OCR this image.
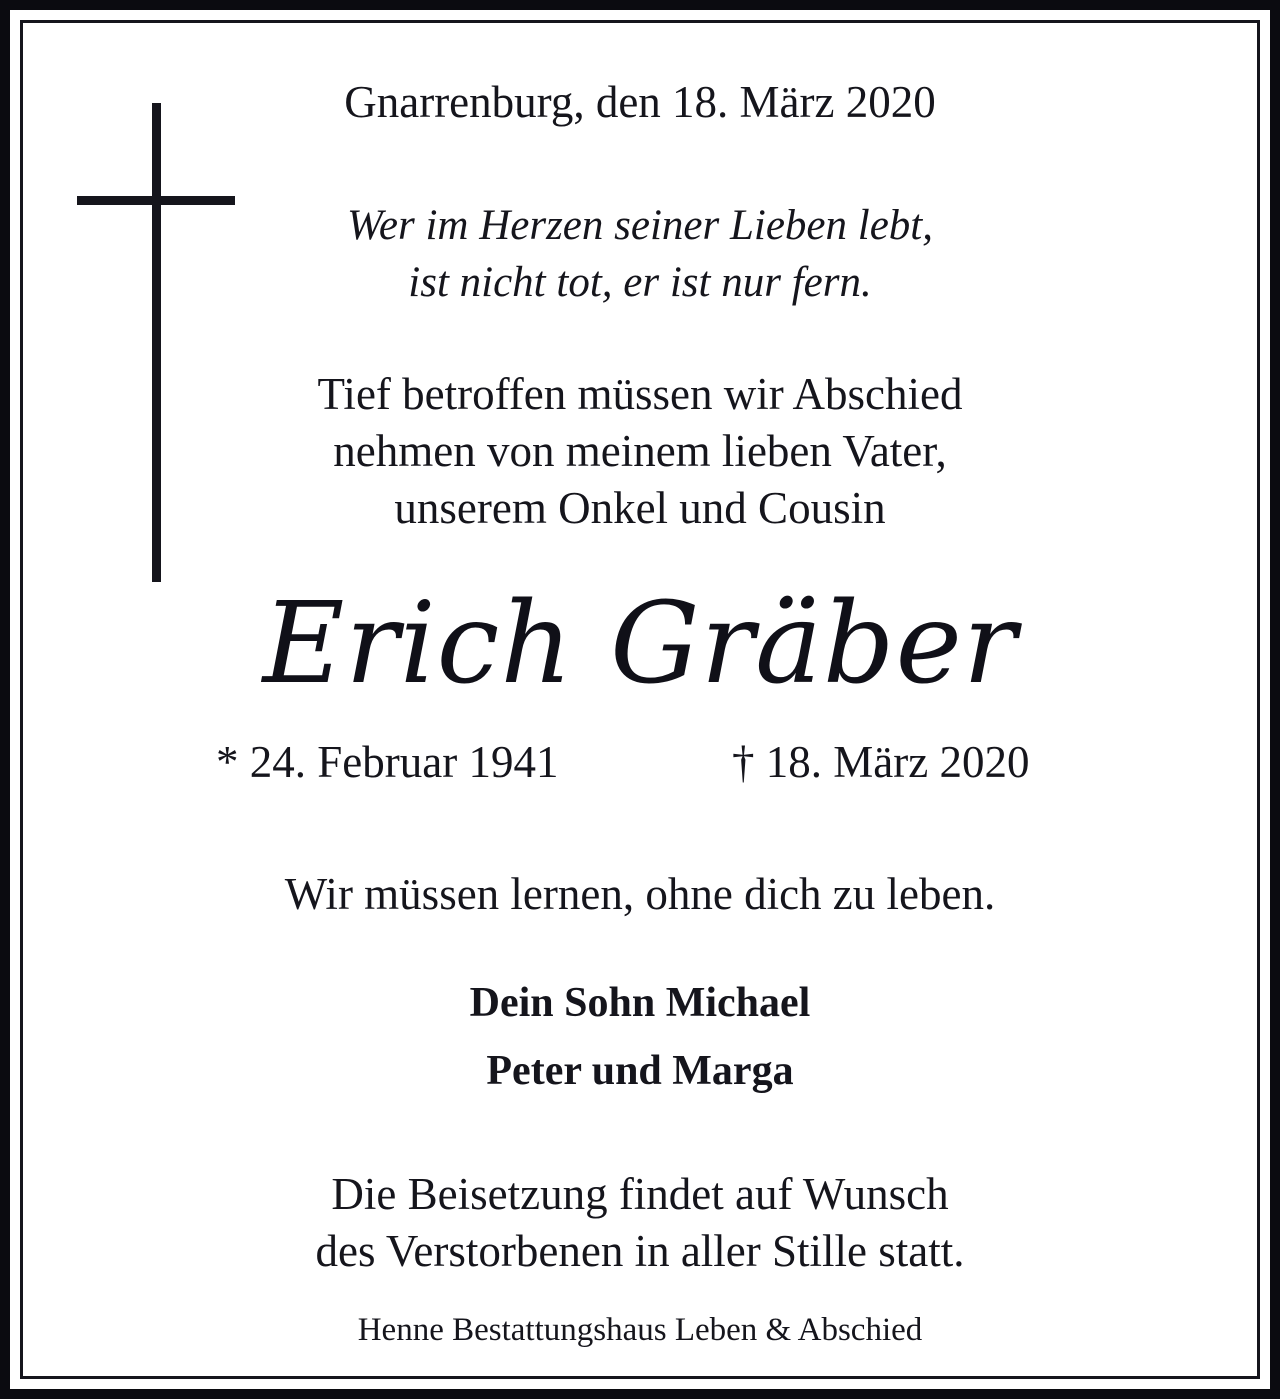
Gnarrenburg, den 18. März 2020
Wer im Herzen seiner Lieben lebt,
ist nicht tot, er ist nur fern.
Tief betroffen müssen wir Abschied
nehmen von meinem lieben Vater,
unserem Onkel und Cousin
Erich Gräber
* 24. Februar 1941	† 18. März 2020
Wir müssen lernen, ohne dich zu leben.
Dein Sohn Michael
Peter und Marga
Die Beisetzung findet auf Wunsch
des Verstorbenen in aller Stille statt.
Henne Bestattungshaus Leben & Abschied
